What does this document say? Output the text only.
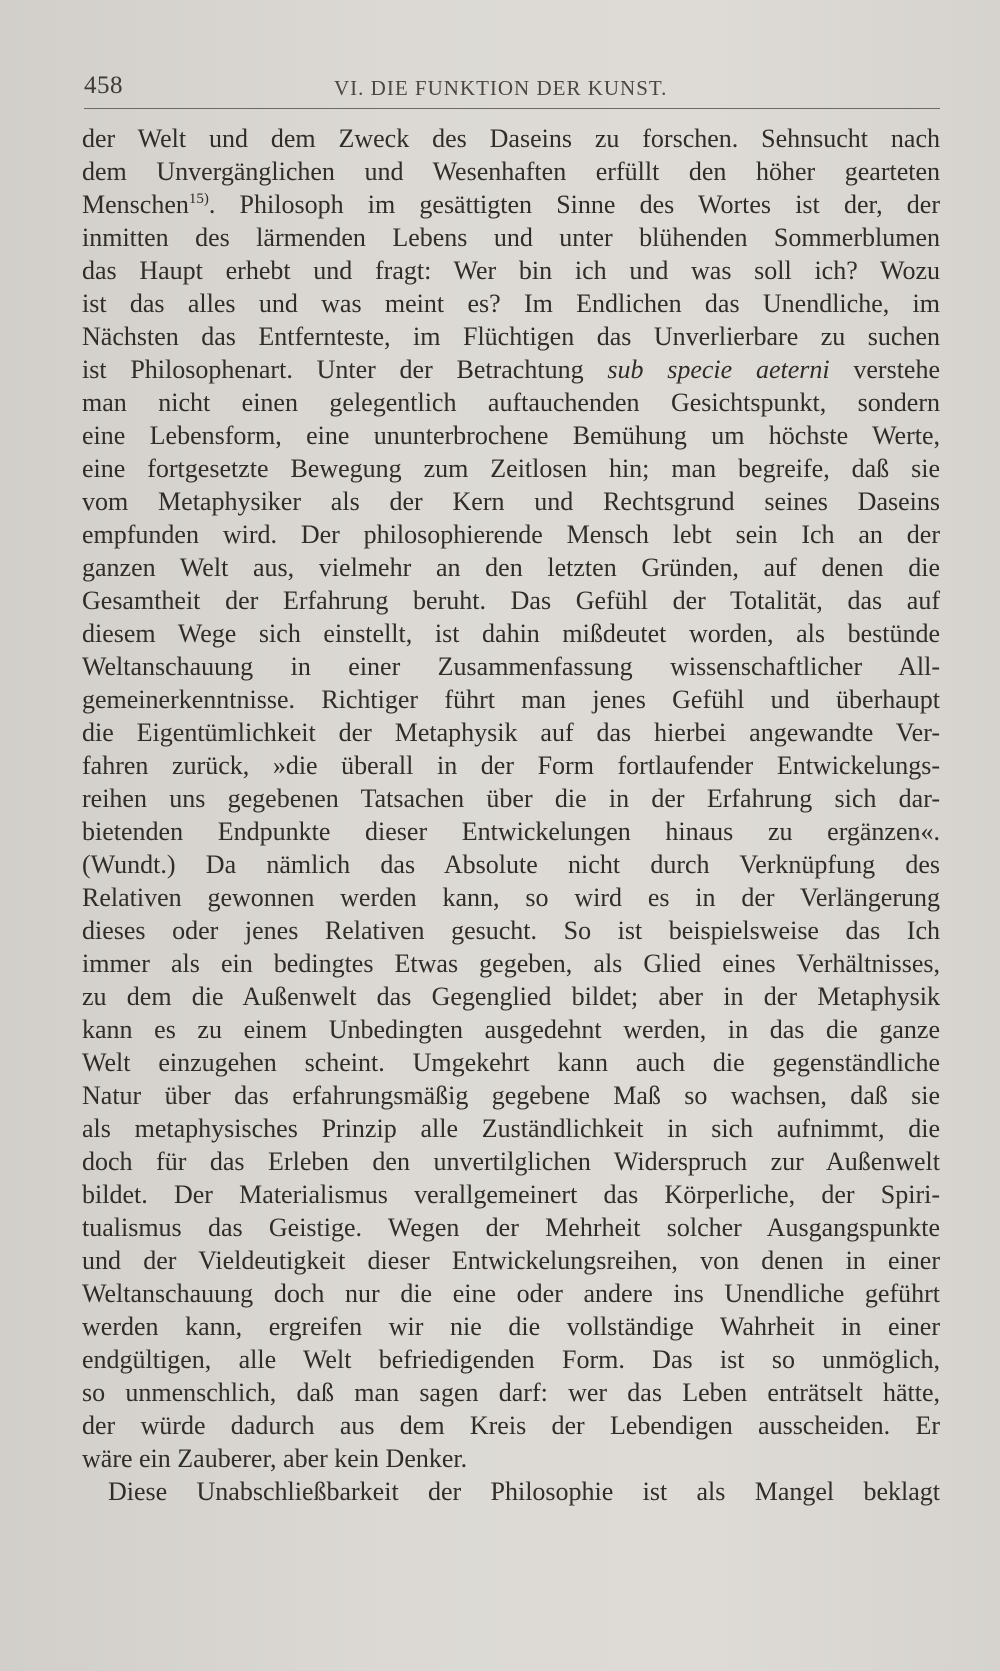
458	VI. DIE FUNKTION DER KUNST.
der Welt und dem Zweck des Daseins zu forschen. Sehnsucht nach
dem Unvergänglichen und Wesenhaften erfüllt den höher gearteten
Menschen$^{15)}$. Philosoph im gesättigten Sinne des Wortes ist der, der
inmitten des lärmenden Lebens und unter blühenden Sommerblumen
das Haupt erhebt und fragt: Wer bin ich und was soll ich? Wozu
ist das alles und was meint es? Im Endlichen das Unendliche, im
Nächsten das Entfernteste, im Flüchtigen das Unverlierbare zu suchen
ist Philosophenart. Unter der Betrachtung sub specie aeterni verstehe
man nicht einen gelegentlich auftauchenden Gesichtspunkt, sondern
eine Lebensform, eine ununterbrochene Bemühung um höchste Werte,
eine fortgesetzte Bewegung zum Zeitlosen hin; man begreife, daß sie
vom Metaphysiker als der Kern und Rechtsgrund seines Daseins
empfunden wird. Der philosophierende Mensch lebt sein Ich an der
ganzen Welt aus, vielmehr an den letzten Gründen, auf denen die
Gesamtheit der Erfahrung beruht. Das Gefühl der Totalität, das auf
diesem Wege sich einstellt, ist dahin mißdeutet worden, als bestünde
Weltanschauung in einer Zusammenfassung wissenschaftlicher All-
gemeinerkenntnisse. Richtiger führt man jenes Gefühl und überhaupt
die Eigentümlichkeit der Metaphysik auf das hierbei angewandte Ver-
fahren zurück, »die überall in der Form fortlaufender Entwickelungs-
reihen uns gegebenen Tatsachen über die in der Erfahrung sich dar-
bietenden Endpunkte dieser Entwickelungen hinaus zu ergänzen«.
(Wundt.) Da nämlich das Absolute nicht durch Verknüpfung des
Relativen gewonnen werden kann, so wird es in der Verlängerung
dieses oder jenes Relativen gesucht. So ist beispielsweise das Ich
immer als ein bedingtes Etwas gegeben, als Glied eines Verhältnisses,
zu dem die Außenwelt das Gegenglied bildet; aber in der Metaphysik
kann es zu einem Unbedingten ausgedehnt werden, in das die ganze
Welt einzugehen scheint. Umgekehrt kann auch die gegenständliche
Natur über das erfahrungsmäßig gegebene Maß so wachsen, daß sie
als metaphysisches Prinzip alle Zuständlichkeit in sich aufnimmt, die
doch für das Erleben den unvertilglichen Widerspruch zur Außenwelt
bildet. Der Materialismus verallgemeinert das Körperliche, der Spiri-
tualismus das Geistige. Wegen der Mehrheit solcher Ausgangspunkte
und der Vieldeutigkeit dieser Entwickelungsreihen, von denen in einer
Weltanschauung doch nur die eine oder andere ins Unendliche geführt
werden kann, ergreifen wir nie die vollständige Wahrheit in einer
endgültigen, alle Welt befriedigenden Form. Das ist so unmöglich,
so unmenschlich, daß man sagen darf: wer das Leben enträtselt hätte,
der würde dadurch aus dem Kreis der Lebendigen ausscheiden. Er
wäre ein Zauberer, aber kein Denker.
Diese Unabschließbarkeit der Philosophie ist als Mangel beklagt
